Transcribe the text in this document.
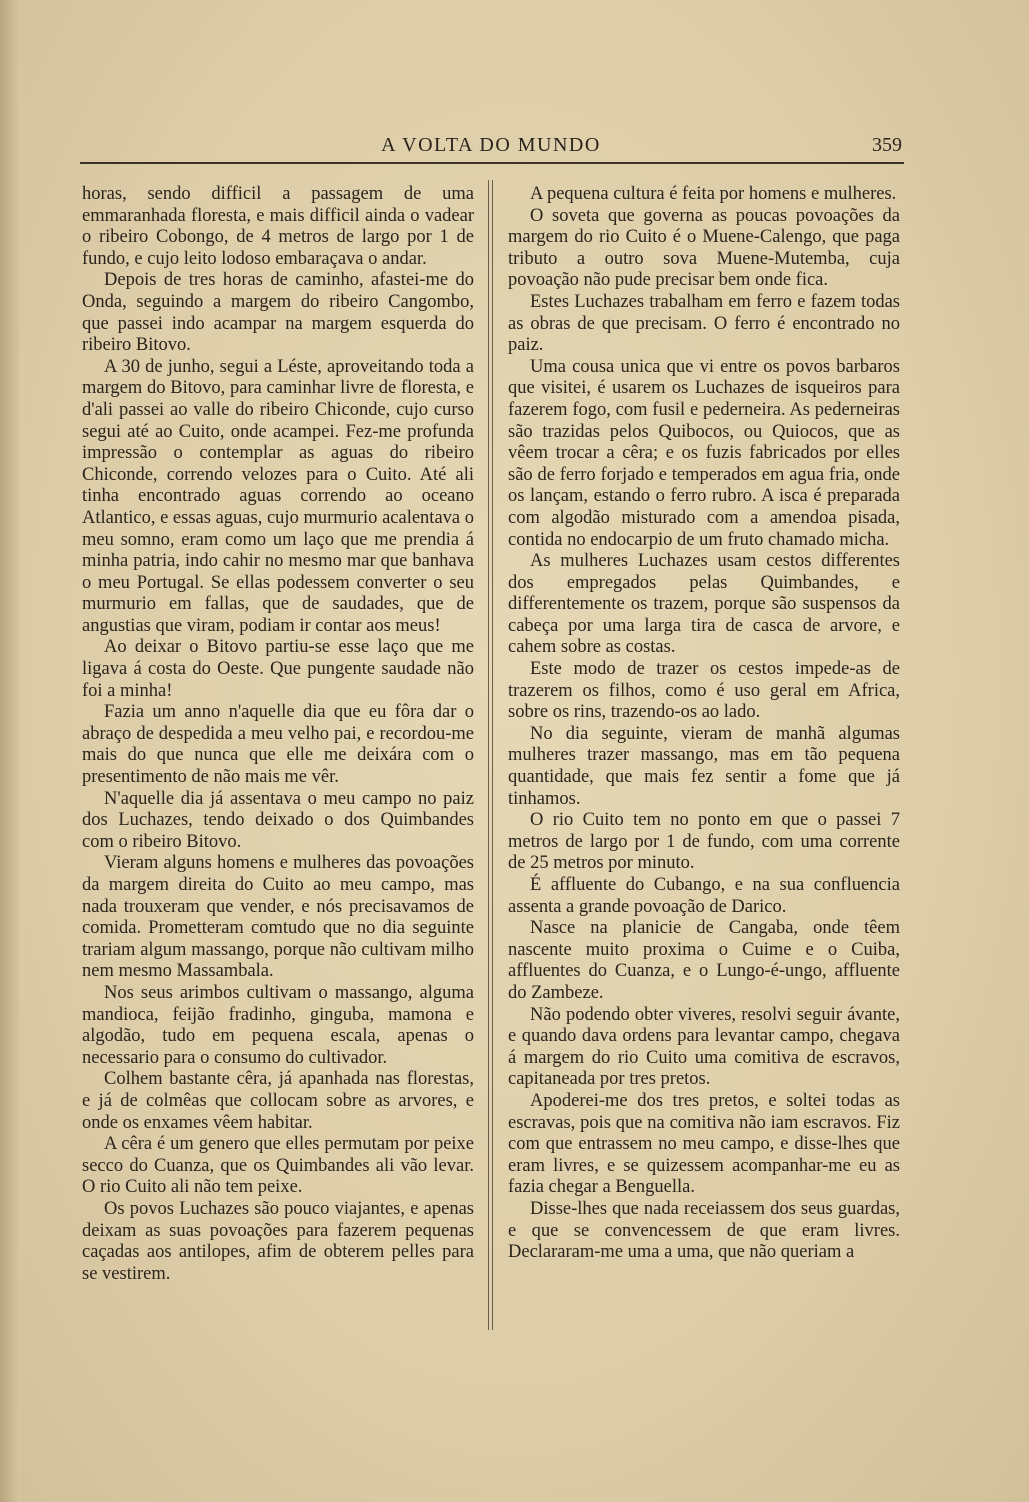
A VOLTA DO MUNDO	359

horas, sendo difficil a passagem de uma emmaranhada floresta, e mais difficil ainda o vadear o ribeiro Cobongo, de 4 metros de largo por 1 de fundo, e cujo leito lodoso embaraçava o andar.

Depois de tres horas de caminho, afastei-me do Onda, seguindo a margem do ribeiro Cangombo, que passei indo acampar na margem esquerda do ribeiro Bitovo.

A 30 de junho, segui a Léste, aproveitando toda a margem do Bitovo, para caminhar livre de floresta, e d'ali passei ao valle do ribeiro Chiconde, cujo curso segui até ao Cuito, onde acampei. Fez-me profunda impressão o contemplar as aguas do ribeiro Chiconde, correndo velozes para o Cuito. Até ali tinha encontrado aguas correndo ao oceano Atlantico, e essas aguas, cujo murmurio acalentava o meu somno, eram como um laço que me prendia á minha patria, indo cahir no mesmo mar que banhava o meu Portugal. Se ellas podessem converter o seu murmurio em fallas, que de saudades, que de angustias que viram, podiam ir contar aos meus!

Ao deixar o Bitovo partiu-se esse laço que me ligava á costa do Oeste. Que pungente saudade não foi a minha!

Fazia um anno n'aquelle dia que eu fôra dar o abraço de despedida a meu velho pai, e recordou-me mais do que nunca que elle me deixára com o presentimento de não mais me vêr.

N'aquelle dia já assentava o meu campo no paiz dos Luchazes, tendo deixado o dos Quimbandes com o ribeiro Bitovo.

Vieram alguns homens e mulheres das povoações da margem direita do Cuito ao meu campo, mas nada trouxeram que vender, e nós precisavamos de comida. Prometteram comtudo que no dia seguinte trariam algum massango, porque não cultivam milho nem mesmo Massambala.

Nos seus arimbos cultivam o massango, alguma mandioca, feijão fradinho, ginguba, mamona e algodão, tudo em pequena escala, apenas o necessario para o consumo do cultivador.

Colhem bastante cêra, já apanhada nas florestas, e já de colmêas que collocam sobre as arvores, e onde os enxames vêem habitar.

A cêra é um genero que elles permutam por peixe secco do Cuanza, que os Quimbandes ali vão levar. O rio Cuito ali não tem peixe.

Os povos Luchazes são pouco viajantes, e apenas deixam as suas povoações para fazerem pequenas caçadas aos antilopes, afim de obterem pelles para se vestirem.

A pequena cultura é feita por homens e mulheres.

O soveta que governa as poucas povoações da margem do rio Cuito é o Muene-Calengo, que paga tributo a outro sova Muene-Mutemba, cuja povoação não pude precisar bem onde fica.

Estes Luchazes trabalham em ferro e fazem todas as obras de que precisam. O ferro é encontrado no paiz.

Uma cousa unica que vi entre os povos barbaros que visitei, é usarem os Luchazes de isqueiros para fazerem fogo, com fusil e pederneira. As pederneiras são trazidas pelos Quibocos, ou Quiocos, que as vêem trocar a cêra; e os fuzis fabricados por elles são de ferro forjado e temperados em agua fria, onde os lançam, estando o ferro rubro. A isca é preparada com algodão misturado com a amendoa pisada, contida no endocarpio de um fruto chamado micha.

As mulheres Luchazes usam cestos differentes dos empregados pelas Quimbandes, e differentemente os trazem, porque são suspensos da cabeça por uma larga tira de casca de arvore, e cahem sobre as costas.

Este modo de trazer os cestos impede-as de trazerem os filhos, como é uso geral em Africa, sobre os rins, trazendo-os ao lado.

No dia seguinte, vieram de manhã algumas mulheres trazer massango, mas em tão pequena quantidade, que mais fez sentir a fome que já tinhamos.

O rio Cuito tem no ponto em que o passei 7 metros de largo por 1 de fundo, com uma corrente de 25 metros por minuto.

É affluente do Cubango, e na sua confluencia assenta a grande povoação de Darico.

Nasce na planicie de Cangaba, onde têem nascente muito proxima o Cuime e o Cuiba, affluentes do Cuanza, e o Lungo-é-ungo, affluente do Zambeze.

Não podendo obter viveres, resolvi seguir ávante, e quando dava ordens para levantar campo, chegava á margem do rio Cuito uma comitiva de escravos, capitaneada por tres pretos.

Apoderei-me dos tres pretos, e soltei todas as escravas, pois que na comitiva não iam escravos. Fiz com que entrassem no meu campo, e disse-lhes que eram livres, e se quizessem acompanhar-me eu as fazia chegar a Benguella.

Disse-lhes que nada receiassem dos seus guardas, e que se convencessem de que eram livres. Declararam-me uma a uma, que não queriam a
